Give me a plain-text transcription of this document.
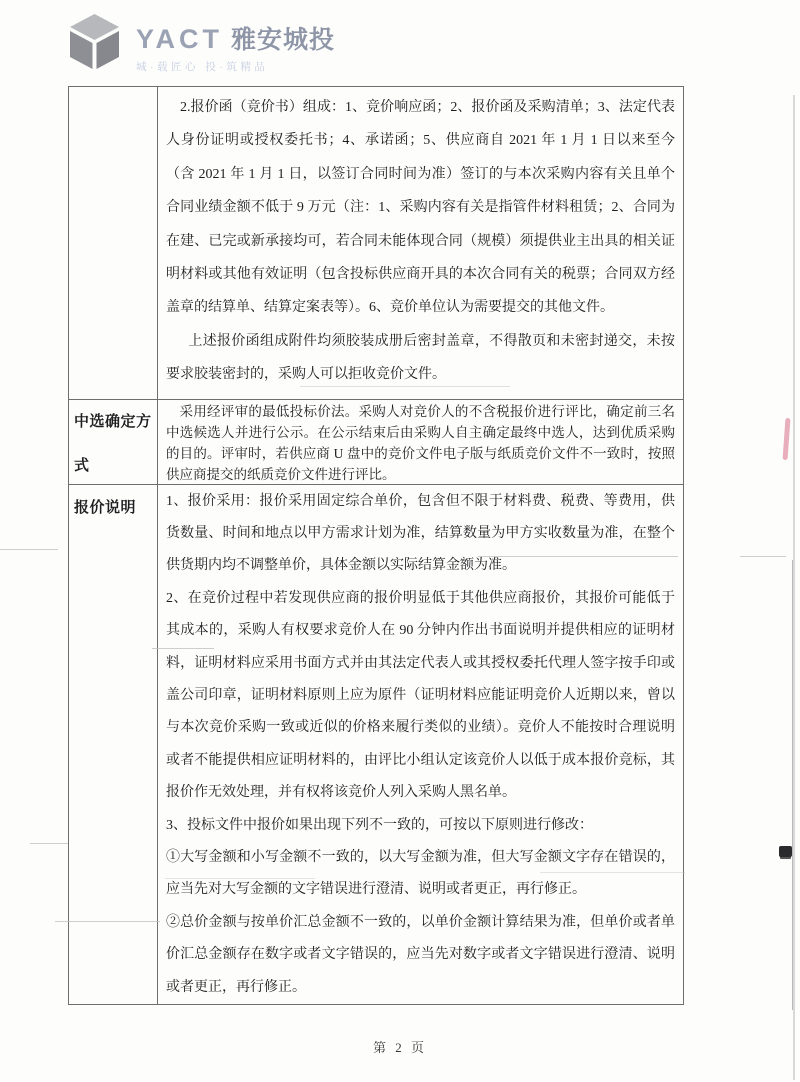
YACT 雅安城投
城·载匠心 投·筑精品

2.报价函（竞价书）组成：1、竞价响应函；2、报价函及采购清单；3、法定代表人身份证明或授权委托书；4、承诺函；5、供应商自 2021 年 1 月 1 日以来至今（含 2021 年 1 月 1 日，以签订合同时间为准）签订的与本次采购内容有关且单个合同业绩金额不低于 9 万元（注：1、采购内容有关是指管件材料租赁；2、合同为在建、已完或新承接均可，若合同未能体现合同（规模）须提供业主出具的相关证明材料或其他有效证明（包含投标供应商开具的本次合同有关的税票；合同双方经盖章的结算单、结算定案表等）。6、竞价单位认为需要提交的其他文件。

上述报价函组成附件均须胶装成册后密封盖章，不得散页和未密封递交，未按要求胶装密封的，采购人可以拒收竞价文件。

中选确定方式

采用经评审的最低投标价法。采购人对竞价人的不含税报价进行评比，确定前三名中选候选人并进行公示。在公示结束后由采购人自主确定最终中选人，达到优质采购的目的。评审时，若供应商 U 盘中的竞价文件电子版与纸质竞价文件不一致时，按照供应商提交的纸质竞价文件进行评比。

报价说明	1、报价采用：报价采用固定综合单价，包含但不限于材料费、税费、等费用，供货数量、时间和地点以甲方需求计划为准，结算数量为甲方实收数量为准，在整个供货期内均不调整单价，具体金额以实际结算金额为准。

2、在竞价过程中若发现供应商的报价明显低于其他供应商报价，其报价可能低于其成本的，采购人有权要求竞价人在 90 分钟内作出书面说明并提供相应的证明材料，证明材料应采用书面方式并由其法定代表人或其授权委托代理人签字按手印或盖公司印章，证明材料原则上应为原件（证明材料应能证明竞价人近期以来，曾以与本次竞价采购一致或近似的价格来履行类似的业绩）。竞价人不能按时合理说明或者不能提供相应证明材料的，由评比小组认定该竞价人以低于成本报价竞标，其报价作无效处理，并有权将该竞价人列入采购人黑名单。

3、投标文件中报价如果出现下列不一致的，可按以下原则进行修改：

①大写金额和小写金额不一致的，以大写金额为准，但大写金额文字存在错误的，应当先对大写金额的文字错误进行澄清、说明或者更正，再行修正。

②总价金额与按单价汇总金额不一致的，以单价金额计算结果为准，但单价或者单价汇总金额存在数字或者文字错误的，应当先对数字或者文字错误进行澄清、说明或者更正，再行修正。

第 2 页
